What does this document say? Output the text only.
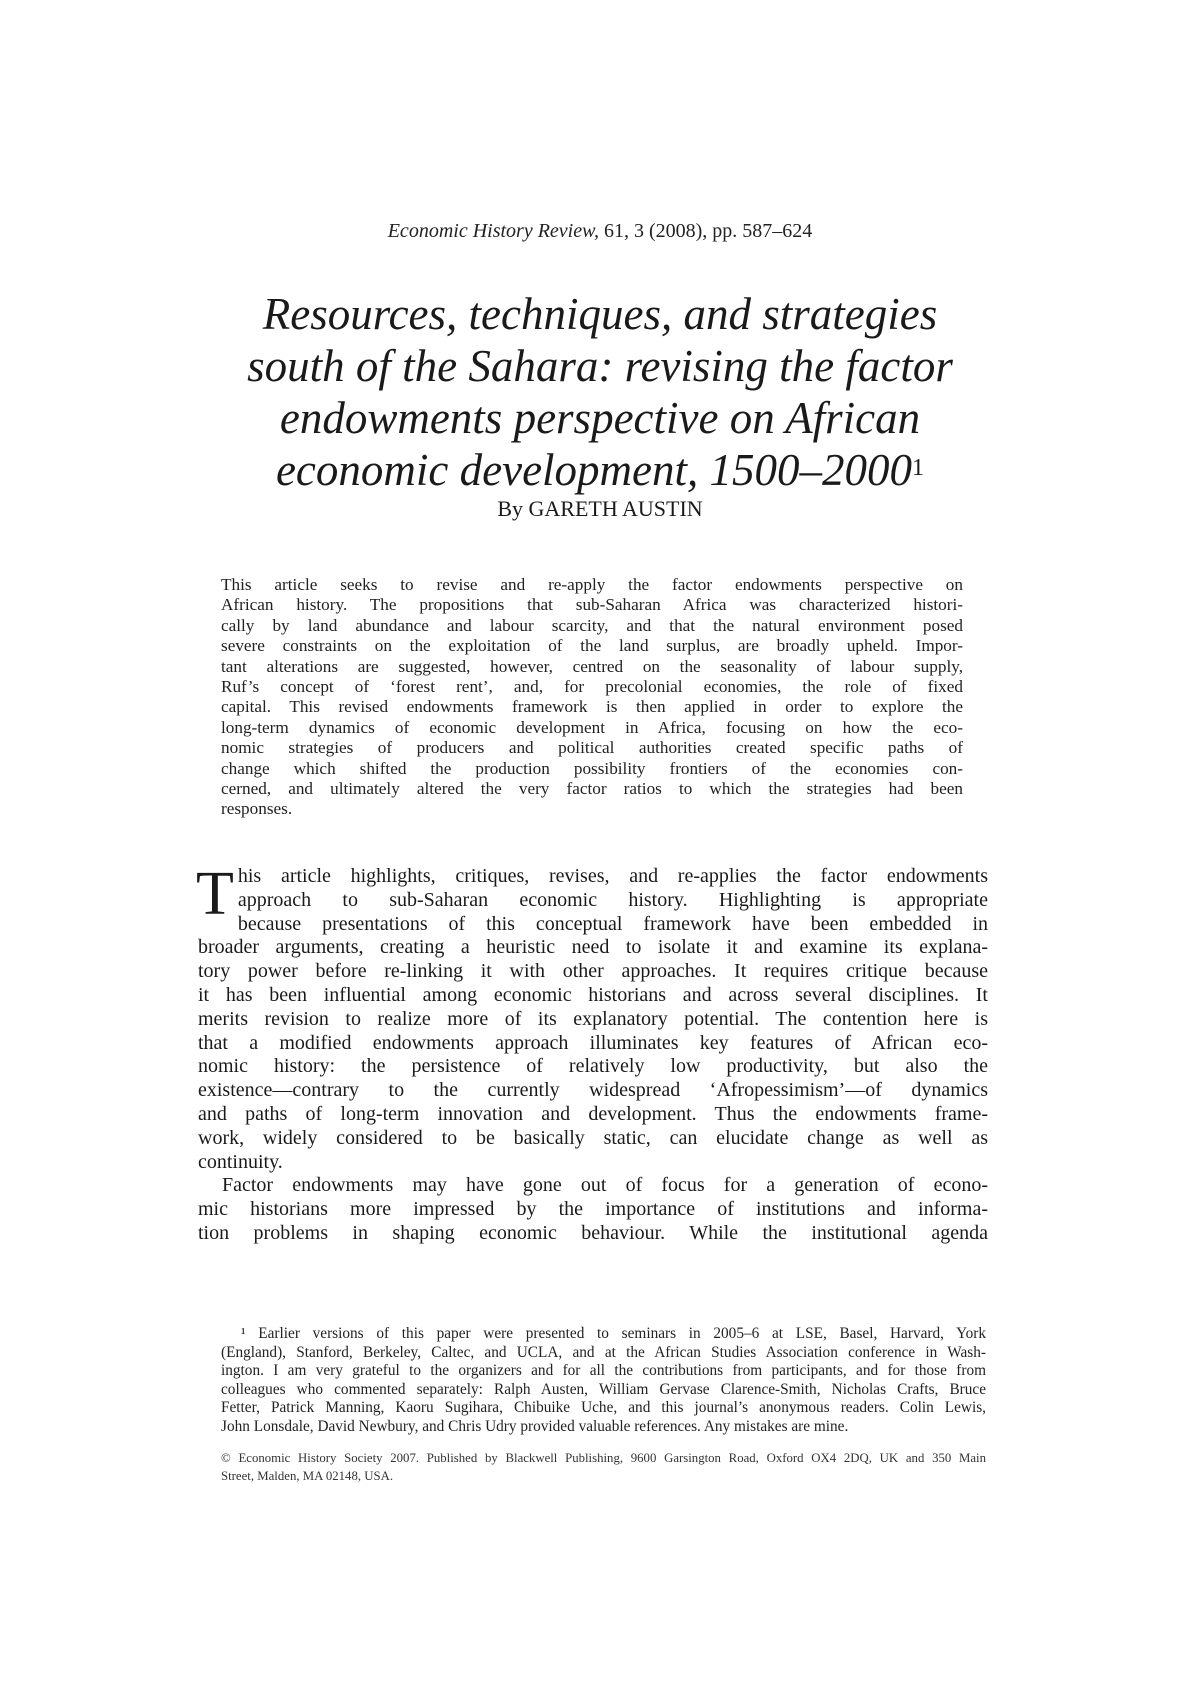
Economic History Review, 61, 3 (2008), pp. 587–624
Resources, techniques, and strategies
south of the Sahara: revising the factor
endowments perspective on African
economic development, 1500–2000$^1$
By GARETH AUSTIN
This article seeks to revise and re-apply the factor endowments perspective on
African history. The propositions that sub-Saharan Africa was characterized histori-
cally by land abundance and labour scarcity, and that the natural environment posed
severe constraints on the exploitation of the land surplus, are broadly upheld. Impor-
tant alterations are suggested, however, centred on the seasonality of labour supply,
Ruf’s concept of ‘forest rent’, and, for precolonial economies, the role of fixed
capital. This revised endowments framework is then applied in order to explore the
long-term dynamics of economic development in Africa, focusing on how the eco-
nomic strategies of producers and political authorities created specific paths of
change which shifted the production possibility frontiers of the economies con-
cerned, and ultimately altered the very factor ratios to which the strategies had been
responses.
T his article highlights, critiques, revises, and re-applies the factor endowments
approach to sub-Saharan economic history. Highlighting is appropriate
because presentations of this conceptual framework have been embedded in
broader arguments, creating a heuristic need to isolate it and examine its explana-
tory power before re-linking it with other approaches. It requires critique because
it has been influential among economic historians and across several disciplines. It
merits revision to realize more of its explanatory potential. The contention here is
that a modified endowments approach illuminates key features of African eco-
nomic history: the persistence of relatively low productivity, but also the
existence—contrary to the currently widespread ‘Afropessimism’—of dynamics
and paths of long-term innovation and development. Thus the endowments frame-
work, widely considered to be basically static, can elucidate change as well as
continuity.
Factor endowments may have gone out of focus for a generation of econo-
mic historians more impressed by the importance of institutions and informa-
tion problems in shaping economic behaviour. While the institutional agenda
¹ Earlier versions of this paper were presented to seminars in 2005–6 at LSE, Basel, Harvard, York
(England), Stanford, Berkeley, Caltec, and UCLA, and at the African Studies Association conference in Wash-
ington. I am very grateful to the organizers and for all the contributions from participants, and for those from
colleagues who commented separately: Ralph Austen, William Gervase Clarence-Smith, Nicholas Crafts, Bruce
Fetter, Patrick Manning, Kaoru Sugihara, Chibuike Uche, and this journal’s anonymous readers. Colin Lewis,
John Lonsdale, David Newbury, and Chris Udry provided valuable references. Any mistakes are mine.
© Economic History Society 2007. Published by Blackwell Publishing, 9600 Garsington Road, Oxford OX4 2DQ, UK and 350 Main
Street, Malden, MA 02148, USA.
